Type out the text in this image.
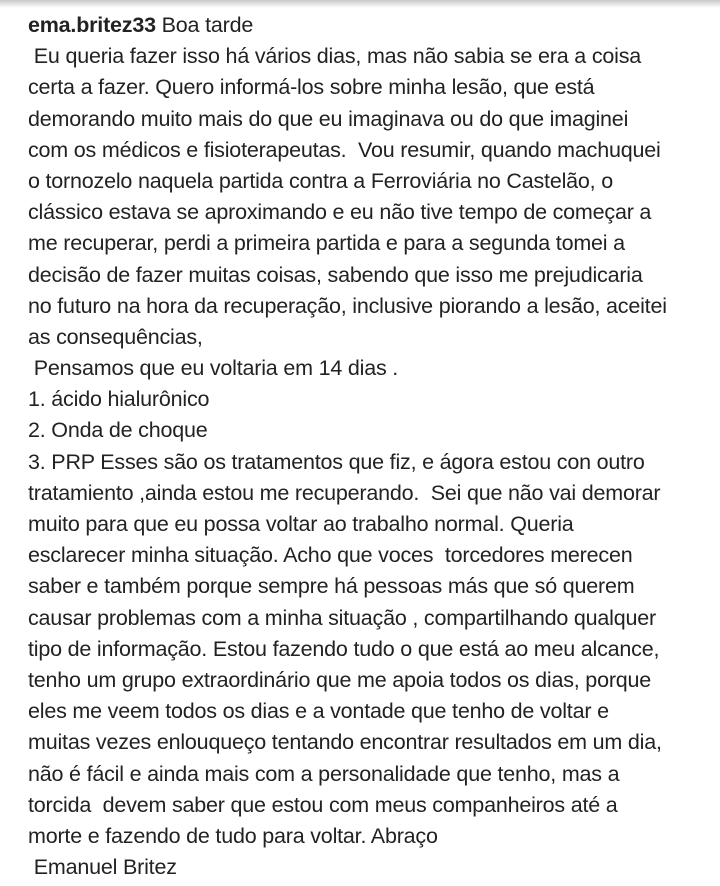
ema.britez33 Boa tarde
Eu queria fazer isso há vários dias, mas não sabia se era a coisa
certa a fazer. Quero informá-los sobre minha lesão, que está
demorando muito mais do que eu imaginava ou do que imaginei
com os médicos e fisioterapeutas.  Vou resumir, quando machuquei
o tornozelo naquela partida contra a Ferroviária no Castelão, o
clássico estava se aproximando e eu não tive tempo de começar a
me recuperar, perdi a primeira partida e para a segunda tomei a
decisão de fazer muitas coisas, sabendo que isso me prejudicaria
no futuro na hora da recuperação, inclusive piorando a lesão, aceitei
as consequências,
Pensamos que eu voltaria em 14 dias .
1. ácido hialurônico
2. Onda de choque
3. PRP Esses são os tratamentos que fiz, e ágora estou con outro
tratamiento ,ainda estou me recuperando.  Sei que não vai demorar
muito para que eu possa voltar ao trabalho normal. Queria
esclarecer minha situação. Acho que voces  torcedores merecen
saber e também porque sempre há pessoas más que só querem
causar problemas com a minha situação , compartilhando qualquer
tipo de informação. Estou fazendo tudo o que está ao meu alcance,
tenho um grupo extraordinário que me apoia todos os dias, porque
eles me veem todos os dias e a vontade que tenho de voltar e
muitas vezes enlouqueço tentando encontrar resultados em um dia,
não é fácil e ainda mais com a personalidade que tenho, mas a
torcida  devem saber que estou com meus companheiros até a
morte e fazendo de tudo para voltar. Abraço
Emanuel Britez
